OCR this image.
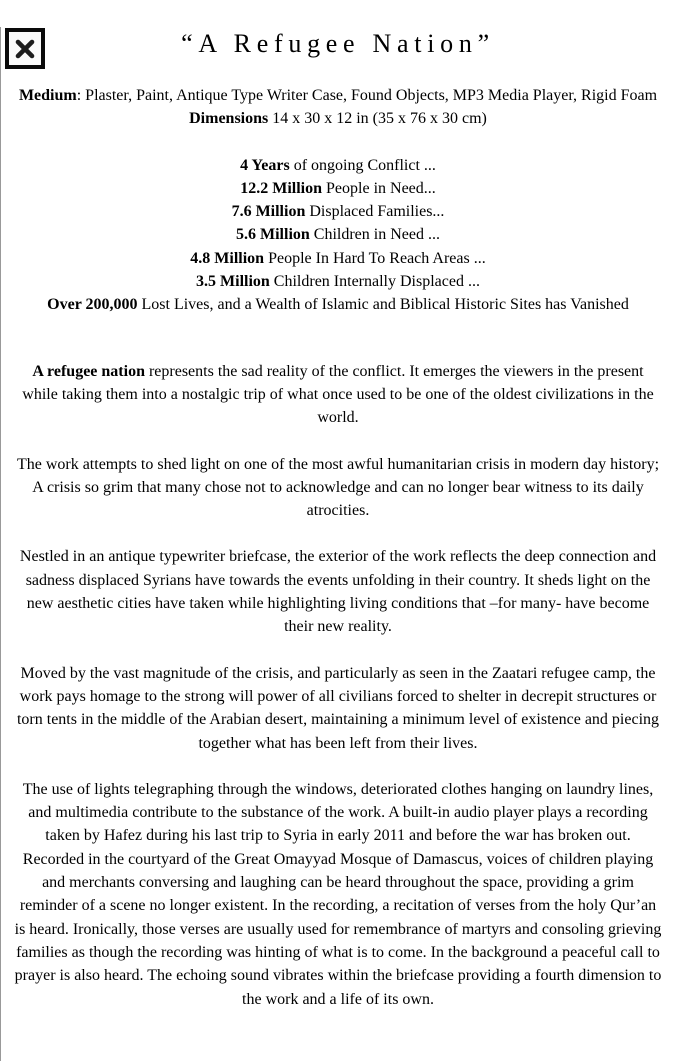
“A Refugee Nation”
Medium: Plaster, Paint, Antique Type Writer Case, Found Objects, MP3 Media Player, Rigid Foam
Dimensions 14 x 30 x 12 in (35 x 76 x 30 cm)
4 Years of ongoing Conflict ...
12.2 Million People in Need...
7.6 Million Displaced Families...
5.6 Million Children in Need ...
4.8 Million People In Hard To Reach Areas ...
3.5 Million Children Internally Displaced ...
Over 200,000 Lost Lives, and a Wealth of Islamic and Biblical Historic Sites has Vanished

A refugee nation represents the sad reality of the conflict. It emerges the viewers in the present while taking them into a nostalgic trip of what once used to be one of the oldest civilizations in the world.

The work attempts to shed light on one of the most awful humanitarian crisis in modern day history; A crisis so grim that many chose not to acknowledge and can no longer bear witness to its daily atrocities.

Nestled in an antique typewriter briefcase, the exterior of the work reflects the deep connection and sadness displaced Syrians have towards the events unfolding in their country. It sheds light on the new aesthetic cities have taken while highlighting living conditions that –for many- have become their new reality.

Moved by the vast magnitude of the crisis, and particularly as seen in the Zaatari refugee camp, the work pays homage to the strong will power of all civilians forced to shelter in decrepit structures or torn tents in the middle of the Arabian desert, maintaining a minimum level of existence and piecing together what has been left from their lives.

The use of lights telegraphing through the windows, deteriorated clothes hanging on laundry lines, and multimedia contribute to the substance of the work. A built-in audio player plays a recording taken by Hafez during his last trip to Syria in early 2011 and before the war has broken out. Recorded in the courtyard of the Great Omayyad Mosque of Damascus, voices of children playing and merchants conversing and laughing can be heard throughout the space, providing a grim reminder of a scene no longer existent. In the recording, a recitation of verses from the holy Qur’an is heard. Ironically, those verses are usually used for remembrance of martyrs and consoling grieving families as though the recording was hinting of what is to come. In the background a peaceful call to prayer is also heard. The echoing sound vibrates within the briefcase providing a fourth dimension to the work and a life of its own.
